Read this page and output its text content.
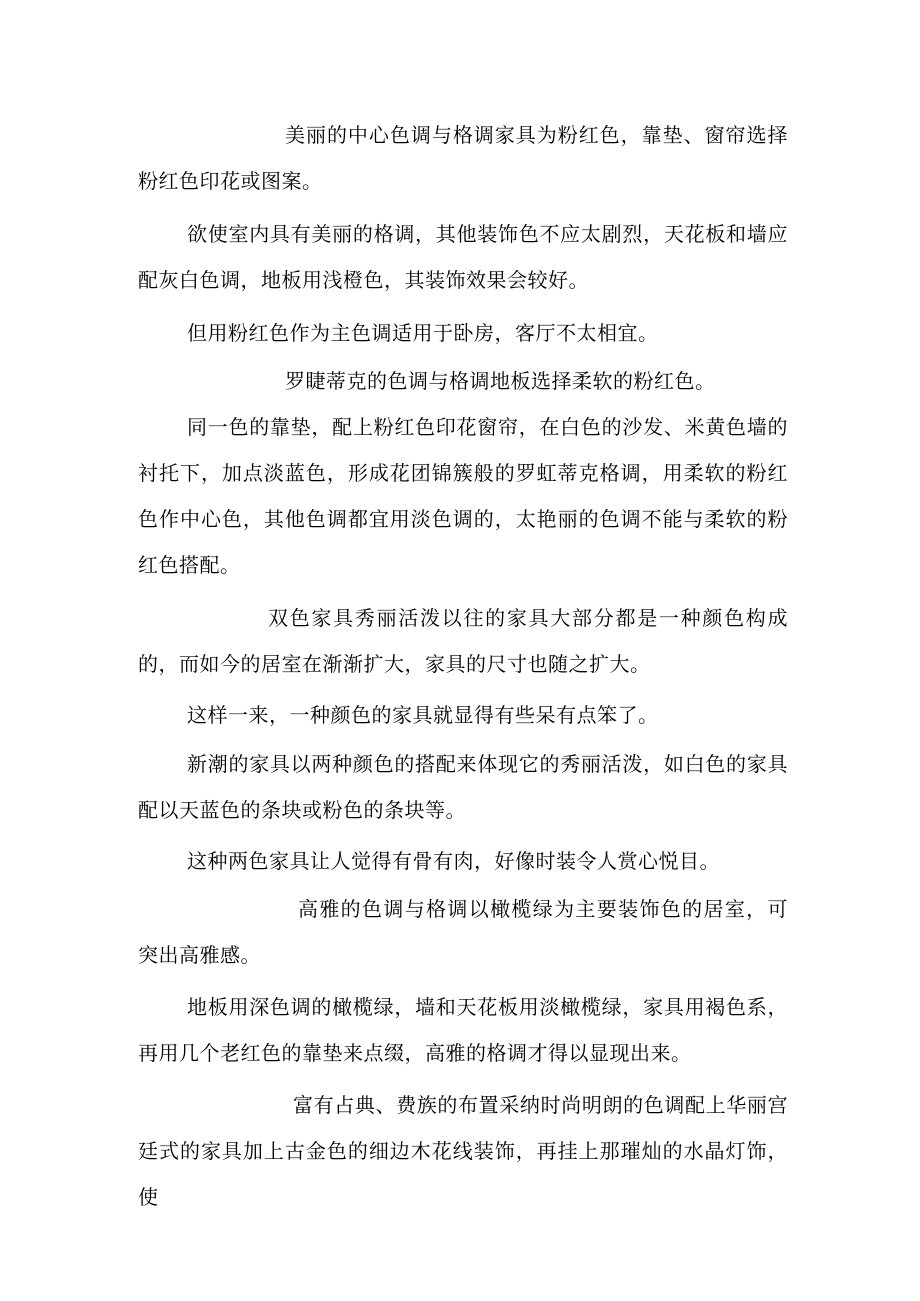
美丽的中心色调与格调家具为粉红色，靠垫、窗帘选择粉红色印花或图案。

欲使室内具有美丽的格调，其他装饰色不应太剧烈，天花板和墙应配灰白色调，地板用浅橙色，其装饰效果会较好。

但用粉红色作为主色调适用于卧房，客厅不太相宜。

罗睫蒂克的色调与格调地板选择柔软的粉红色。

同一色的靠垫，配上粉红色印花窗帘，在白色的沙发、米黄色墙的衬托下，加点淡蓝色，形成花团锦簇般的罗虹蒂克格调，用柔软的粉红色作中心色，其他色调都宜用淡色调的，太艳丽的色调不能与柔软的粉红色搭配。

双色家具秀丽活泼以往的家具大部分都是一种颜色构成的，而如今的居室在渐渐扩大，家具的尺寸也随之扩大。

这样一来，一种颜色的家具就显得有些呆有点笨了。

新潮的家具以两种颜色的搭配来体现它的秀丽活泼，如白色的家具配以天蓝色的条块或粉色的条块等。

这种两色家具让人觉得有骨有肉，好像时装令人赏心悦目。

高雅的色调与格调以橄榄绿为主要装饰色的居室，可突出高雅感。

地板用深色调的橄榄绿，墙和天花板用淡橄榄绿，家具用褐色系，再用几个老红色的靠垫来点缀，高雅的格调才得以显现出来。

富有占典、费族的布置采纳时尚明朗的色调配上华丽宫廷式的家具加上古金色的细边木花线装饰，再挂上那璀灿的水晶灯饰，使
